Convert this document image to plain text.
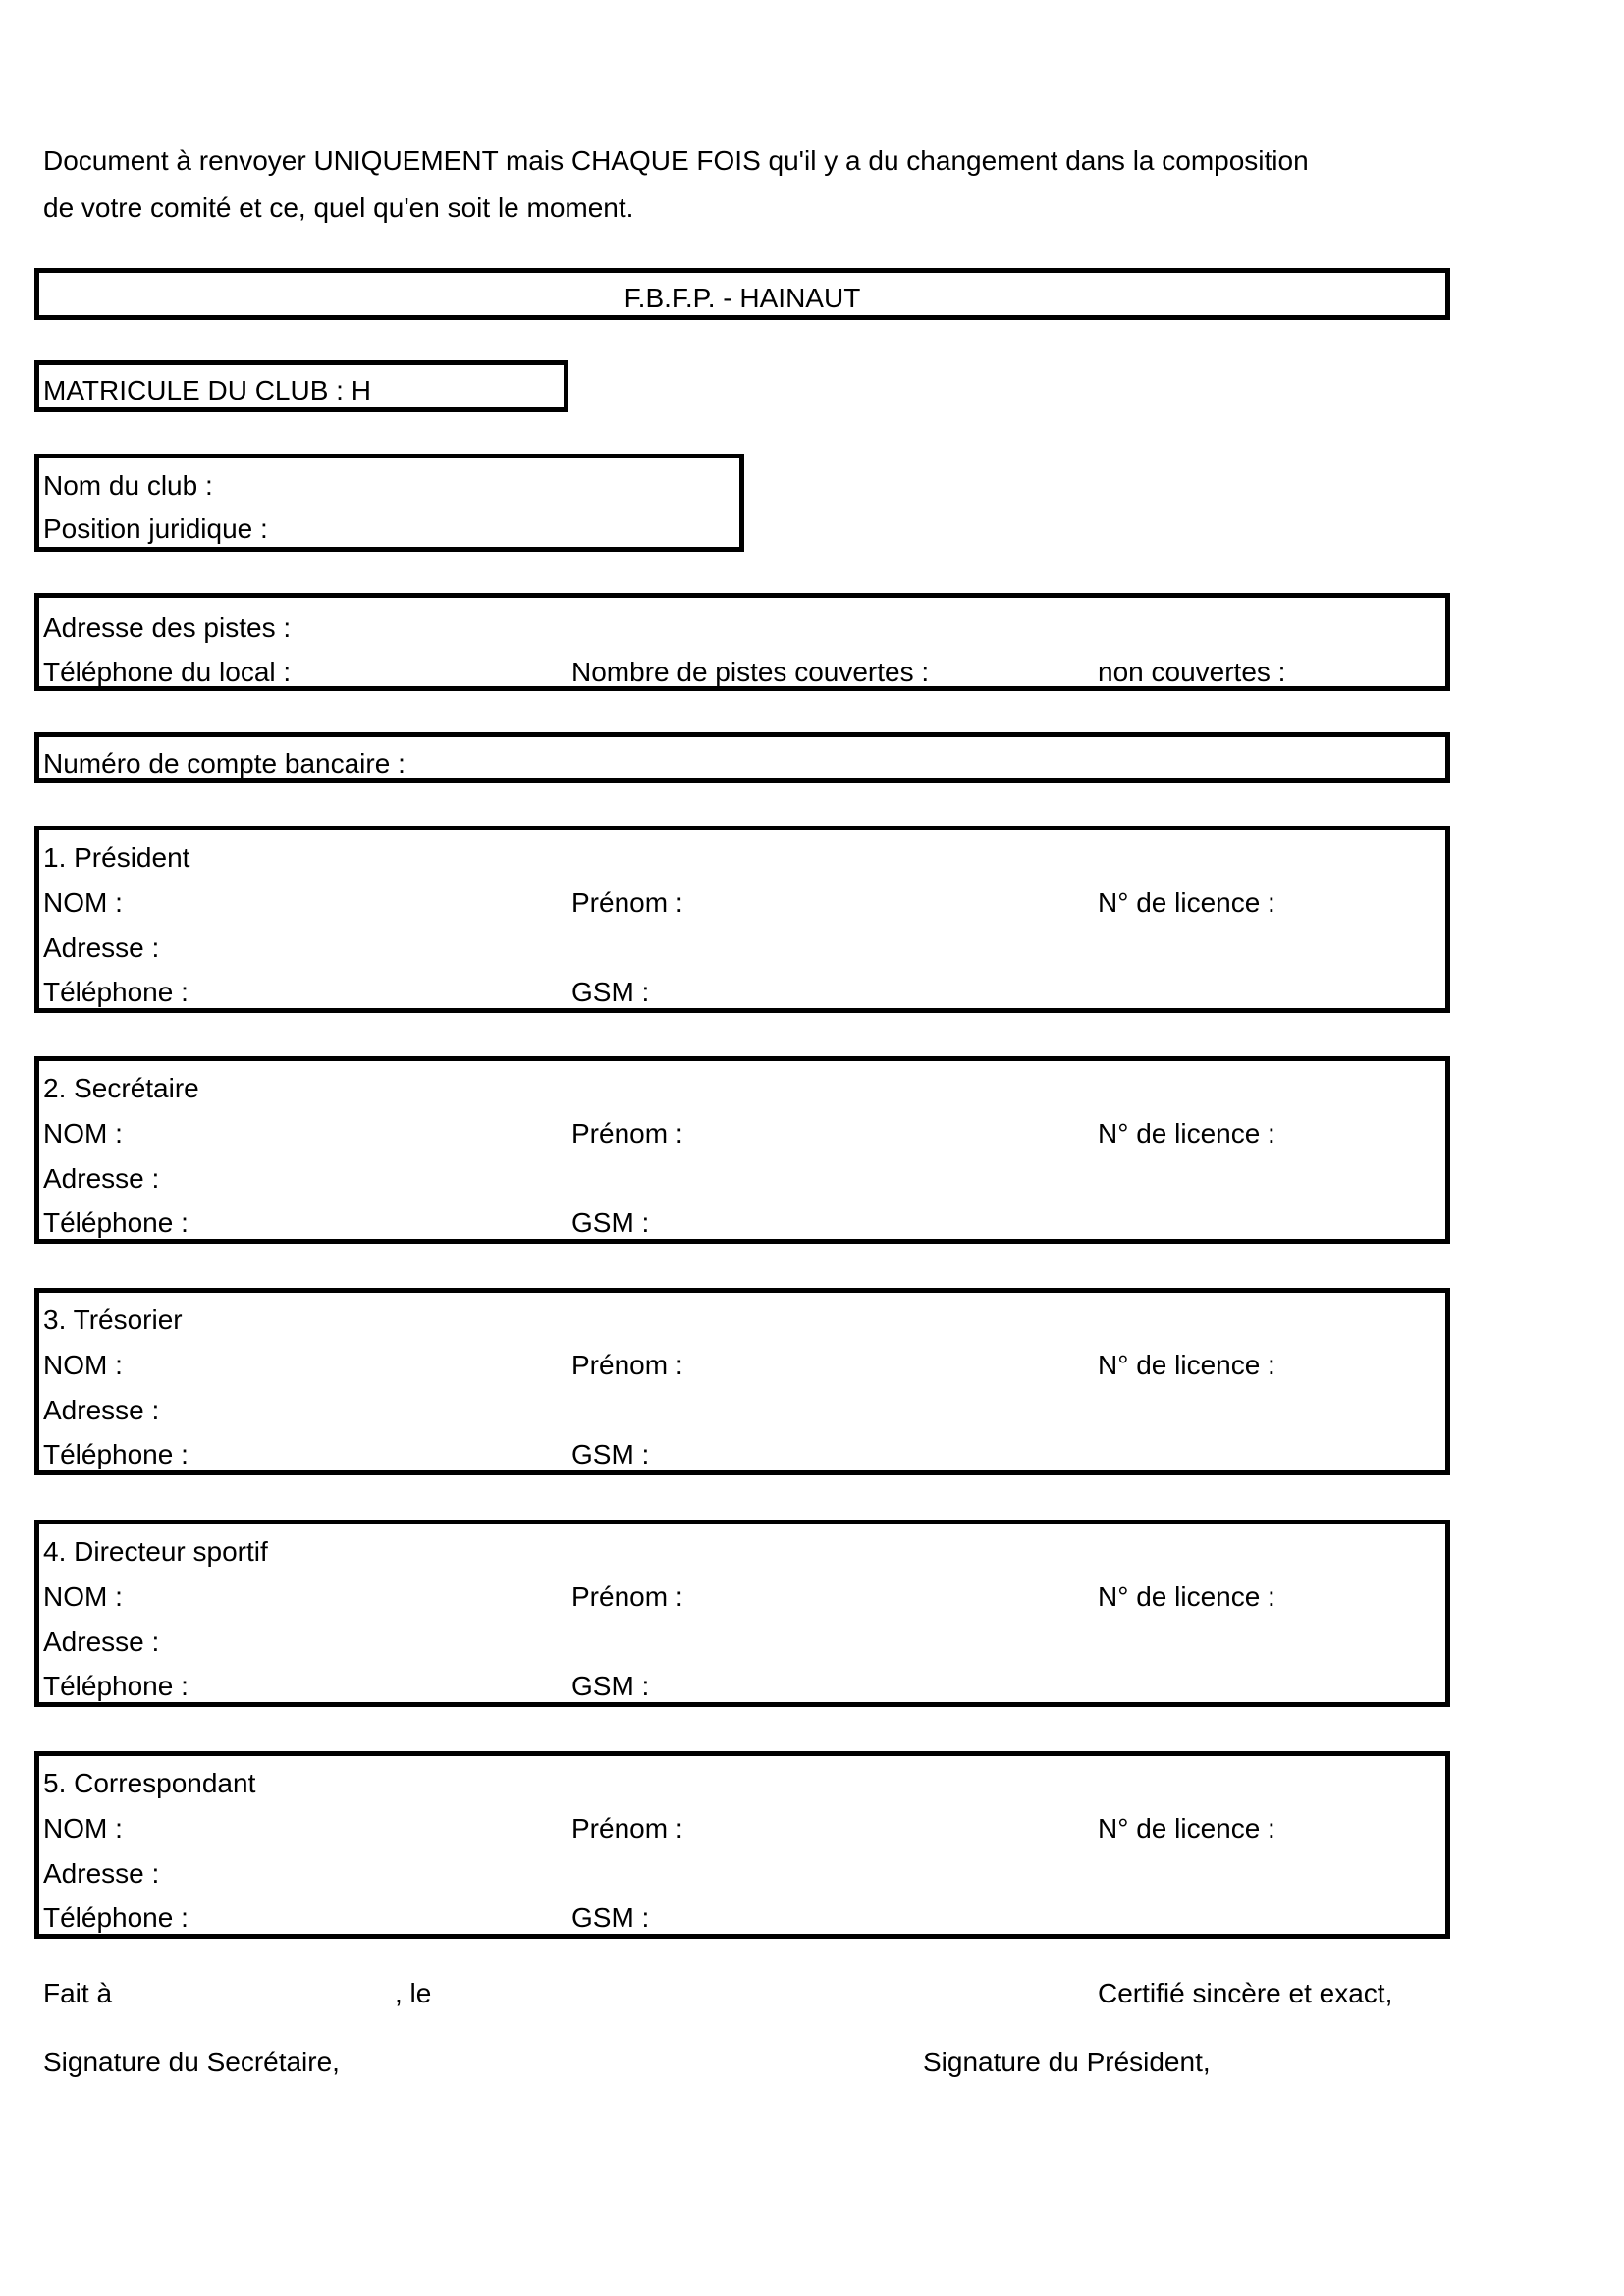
Document à renvoyer UNIQUEMENT mais CHAQUE FOIS qu'il y a du changement dans la composition
de votre comité et ce, quel qu'en soit le moment.
F.B.F.P. - HAINAUT
MATRICULE DU CLUB : H
Nom du club :
Position juridique :
Adresse des pistes :
Téléphone du local :	Nombre de pistes couvertes :	non couvertes :
Numéro de compte bancaire :
1. Président
NOM :	Prénom :	N° de licence :
Adresse :
Téléphone :	GSM :
2. Secrétaire
NOM :	Prénom :	N° de licence :
Adresse :
Téléphone :	GSM :
3. Trésorier
NOM :	Prénom :	N° de licence :
Adresse :
Téléphone :	GSM :
4. Directeur sportif
NOM :	Prénom :	N° de licence :
Adresse :
Téléphone :	GSM :
5. Correspondant
NOM :	Prénom :	N° de licence :
Adresse :
Téléphone :	GSM :
Fait à	, le	Certifié sincère et exact,
Signature du Secrétaire,	Signature du Président,
